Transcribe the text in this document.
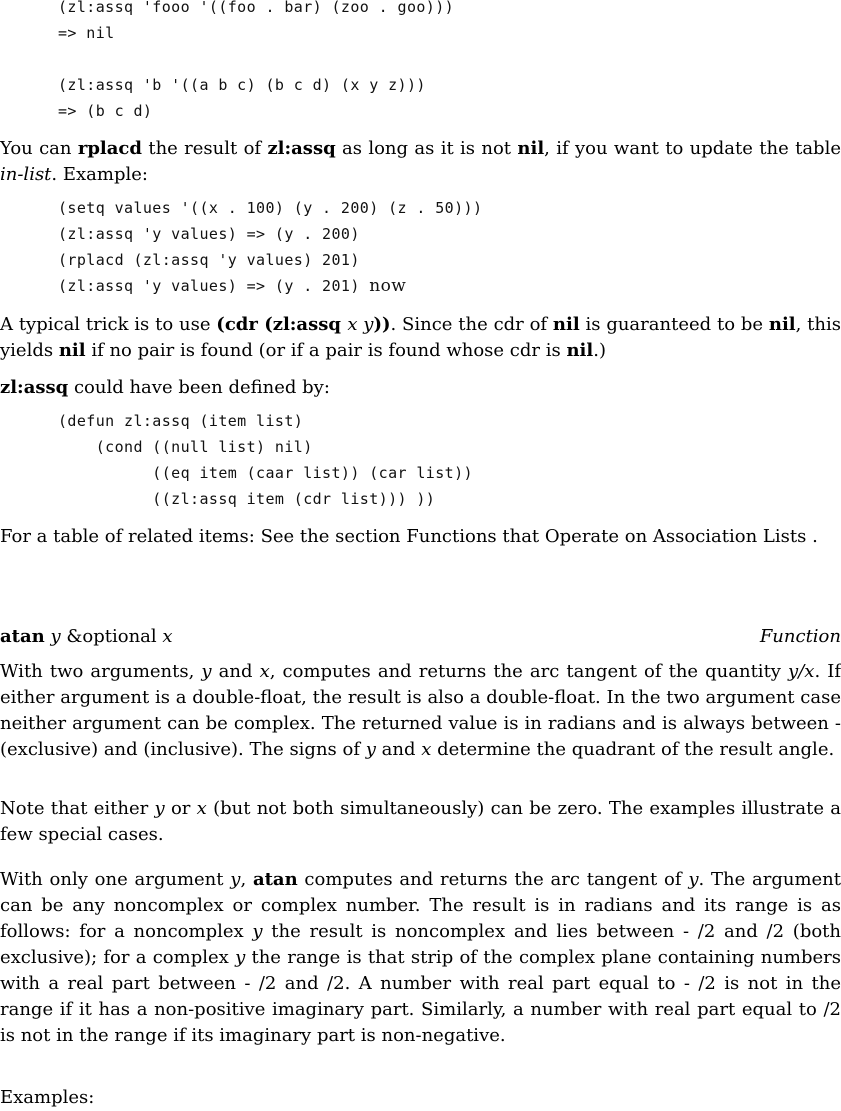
(zl:assq 'fooo '((foo . bar) (zoo . goo)))
=> nil

(zl:assq 'b '((a b c) (b c d) (x y z)))
=> (b c d)

You can rplacd the result of zl:assq as long as it is not nil, if you want to update the table in-list. Example:

(setq values '((x . 100) (y . 200) (z . 50)))
(zl:assq 'y values) => (y . 200)
(rplacd (zl:assq 'y values) 201)
(zl:assq 'y values) => (y . 201) now

A typical trick is to use (cdr (zl:assq x y)). Since the cdr of nil is guaranteed to be nil, this yields nil if no pair is found (or if a pair is found whose cdr is nil.)

zl:assq could have been defined by:

(defun zl:assq (item list)
(cond ((null list) nil)
((eq item (caar list)) (car list))
((zl:assq item (cdr list))) ))

For a table of related items: See the section Functions that Operate on Association Lists .

atan y &optional x	Function

With two arguments, y and x, computes and returns the arc tangent of the quantity y/x. If either argument is a double-float, the result is also a double-float. In the two argument case neither argument can be complex. The returned value is in radians and is always between - (exclusive) and (inclusive). The signs of y and x determine the quadrant of the result angle.

Note that either y or x (but not both simultaneously) can be zero. The examples illustrate a few special cases.

With only one argument y, atan computes and returns the arc tangent of y. The argument can be any noncomplex or complex number. The result is in radians and its range is as follows: for a noncomplex y the result is noncomplex and lies between - /2 and /2 (both exclusive); for a complex y the range is that strip of the complex plane containing numbers with a real part between - /2 and /2. A number with real part equal to - /2 is not in the range if it has a non-positive imaginary part. Similarly, a number with real part equal to /2 is not in the range if its imaginary part is non-negative.

Examples:
